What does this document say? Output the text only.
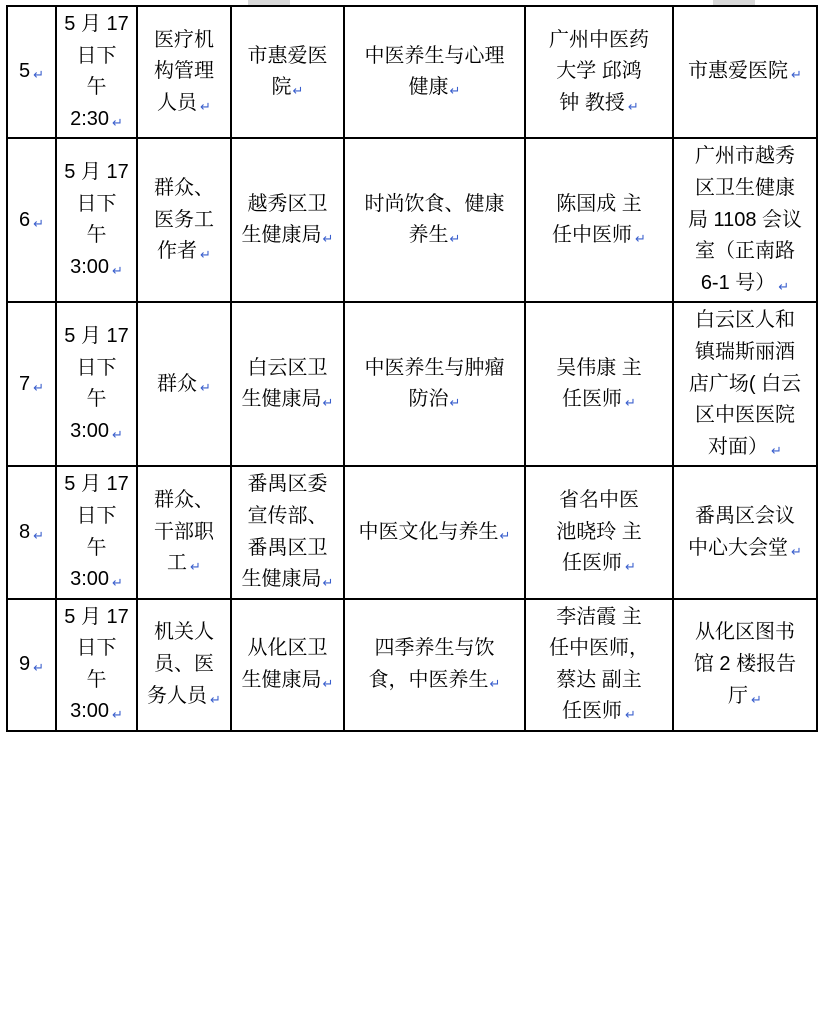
5 ↵	5 月 17
日下
午
2:30 ↵	医疗机
构管理
人员 ↵	市惠爱医
院↵	中医养生与心理
健康↵	广州中医药
大学 邱鸿
钟 教授 ↵	市惠爱医院 ↵

6 ↵	5 月 17
日下
午
3:00 ↵	群众、
医务工
作者 ↵	越秀区卫
生健康局↵	时尚饮食、健康
养生↵	陈国成 主
任中医师 ↵	广州市越秀
区卫生健康
局 1108 会议
室（正南路
6-1 号） ↵

7 ↵	5 月 17
日下
午
3:00 ↵	群众 ↵	白云区卫
生健康局↵	中医养生与肿瘤
防治↵	吴伟康 主
任医师 ↵	白云区人和
镇瑞斯丽酒
店广场( 白云
区中医医院
对面） ↵

8 ↵	5 月 17
日下
午
3:00 ↵	群众、
干部职
工 ↵	番禺区委
宣传部、
番禺区卫
生健康局↵	中医文化与养生↵	省名中医
池晓玲 主
任医师 ↵	番禺区会议
中心大会堂 ↵

9 ↵	5 月 17
日下
午
3:00 ↵	机关人
员、医
务人员 ↵	从化区卫
生健康局↵	四季养生与饮
食，中医养生↵	李洁霞 主
任中医师，
蔡达 副主
任医师 ↵	从化区图书
馆 2 楼报告
厅 ↵
